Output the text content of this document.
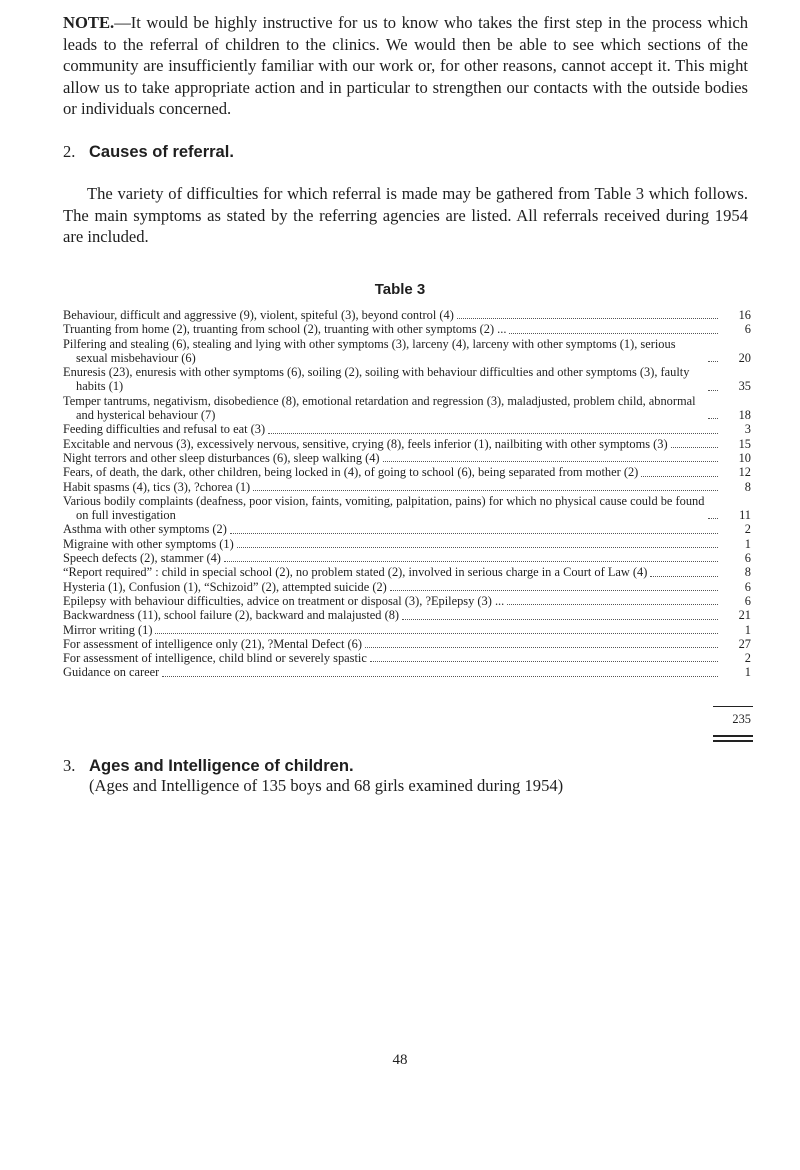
NOTE.—It would be highly instructive for us to know who takes the first step in the process which leads to the referral of children to the clinics. We would then be able to see which sections of the community are insufficiently familiar with our work or, for other reasons, cannot accept it. This might allow us to take appropriate action and in particular to strengthen our contacts with the outside bodies or individuals concerned.
2. Causes of referral.
The variety of difficulties for which referral is made may be gathered from Table 3 which follows. The main symptoms as stated by the referring agencies are listed. All referrals received during 1954 are included.
Table 3
Behaviour, difficult and aggressive (9), violent, spiteful (3), beyond control (4)	16
Truanting from home (2), truanting from school (2), truanting with other symptoms (2) ...	6
Pilfering and stealing (6), stealing and lying with other symptoms (3), larceny (4), larceny with other symptoms (1), serious sexual misbehaviour (6)	20
Enuresis (23), enuresis with other symptoms (6), soiling (2), soiling with behaviour difficulties and other symptoms (3), faulty habits (1)	35
Temper tantrums, negativism, disobedience (8), emotional retardation and regression (3), maladjusted, problem child, abnormal and hysterical behaviour (7)	18
Feeding difficulties and refusal to eat (3)	3
Excitable and nervous (3), excessively nervous, sensitive, crying (8), feels inferior (1), nailbiting with other symptoms (3)	15
Night terrors and other sleep disturbances (6), sleep walking (4)	10
Fears, of death, the dark, other children, being locked in (4), of going to school (6), being separated from mother (2)	12
Habit spasms (4), tics (3), ?chorea (1)	8
Various bodily complaints (deafness, poor vision, faints, vomiting, palpitation, pains) for which no physical cause could be found on full investigation	11
Asthma with other symptoms (2)	2
Migraine with other symptoms (1)	1
Speech defects (2), stammer (4)	6
“Report required” : child in special school (2), no problem stated (2), involved in serious charge in a Court of Law (4)	8
Hysteria (1), Confusion (1), “Schizoid” (2), attempted suicide (2)	6
Epilepsy with behaviour difficulties, advice on treatment or disposal (3), ?Epilepsy (3) ...	6
Backwardness (11), school failure (2), backward and malajusted (8)	21
Mirror writing (1)	1
For assessment of intelligence only (21), ?Mental Defect (6)	27
For assessment of intelligence, child blind or severely spastic	2
Guidance on career	1
235
3. Ages and Intelligence of children.
(Ages and Intelligence of 135 boys and 68 girls examined during 1954)
48
